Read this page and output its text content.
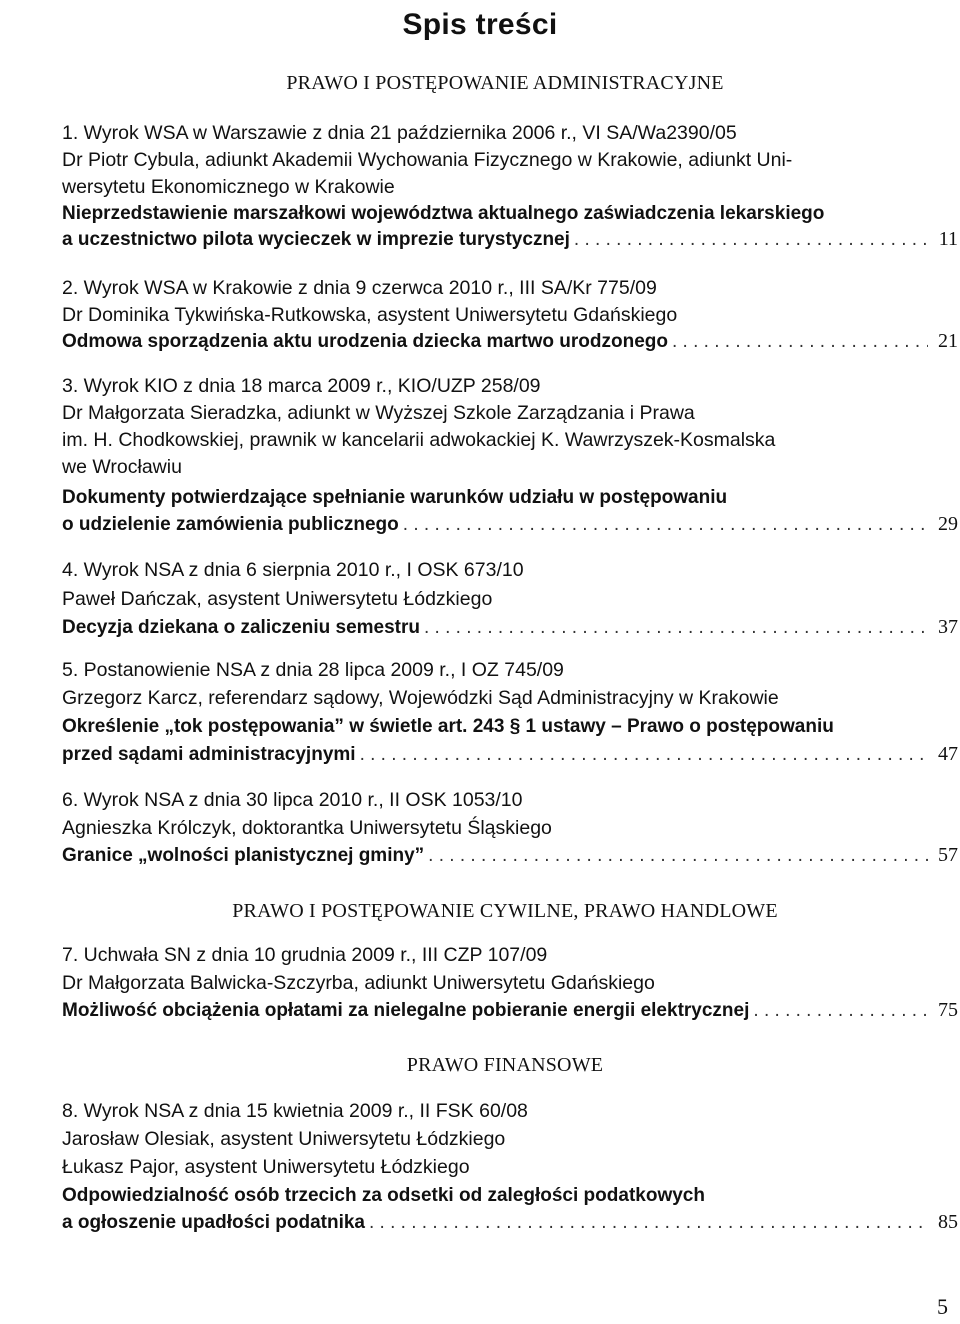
Spis treści
PRAWO I POSTĘPOWANIE ADMINISTRACYJNE
1. Wyrok WSA w Warszawie z dnia 21 października 2006 r., VI SA/Wa2390/05
Dr Piotr Cybula, adiunkt Akademii Wychowania Fizycznego w Krakowie, adiunkt Uni-
wersytetu Ekonomicznego w Krakowie
Nieprzedstawienie marszałkowi województwa aktualnego zaświadczenia lekarskiego
a uczestnictwo pilota wycieczek w imprezie turystycznej . . .	11
2. Wyrok WSA w Krakowie z dnia 9 czerwca 2010 r., III SA/Kr 775/09
Dr Dominika Tykwińska-Rutkowska, asystent Uniwersytetu Gdańskiego
Odmowa sporządzenia aktu urodzenia dziecka martwo urodzonego . . .	21
3. Wyrok KIO z dnia 18 marca 2009 r., KIO/UZP 258/09
Dr Małgorzata Sieradzka, adiunkt w Wyższej Szkole Zarządzania i Prawa
im. H. Chodkowskiej, prawnik w kancelarii adwokackiej K. Wawrzyszek-Kosmalska
we Wrocławiu
Dokumenty potwierdzające spełnianie warunków udziału w postępowaniu
o udzielenie zamówienia publicznego . . .	29
4. Wyrok NSA z dnia 6 sierpnia 2010 r., I OSK 673/10
Paweł Dańczak, asystent Uniwersytetu Łódzkiego
Decyzja dziekana o zaliczeniu semestru . . .	37
5. Postanowienie NSA z dnia 28 lipca 2009 r., I OZ 745/09
Grzegorz Karcz, referendarz sądowy, Wojewódzki Sąd Administracyjny w Krakowie
Określenie „tok postępowania” w świetle art. 243 § 1 ustawy – Prawo o postępowaniu
przed sądami administracyjnymi . . .	47
6. Wyrok NSA z dnia 30 lipca 2010 r., II OSK 1053/10
Agnieszka Królczyk, doktorantka Uniwersytetu Śląskiego
Granice „wolności planistycznej gminy” . . .	57
PRAWO I POSTĘPOWANIE CYWILNE, PRAWO HANDLOWE
7. Uchwała SN z dnia 10 grudnia 2009 r., III CZP 107/09
Dr Małgorzata Balwicka-Szczyrba, adiunkt Uniwersytetu Gdańskiego
Możliwość obciążenia opłatami za nielegalne pobieranie energii elektrycznej . . .	75
PRAWO FINANSOWE
8. Wyrok NSA z dnia 15 kwietnia 2009 r., II FSK 60/08
Jarosław Olesiak, asystent Uniwersytetu Łódzkiego
Łukasz Pajor, asystent Uniwersytetu Łódzkiego
Odpowiedzialność osób trzecich za odsetki od zaległości podatkowych
a ogłoszenie upadłości podatnika . . .	85
5
